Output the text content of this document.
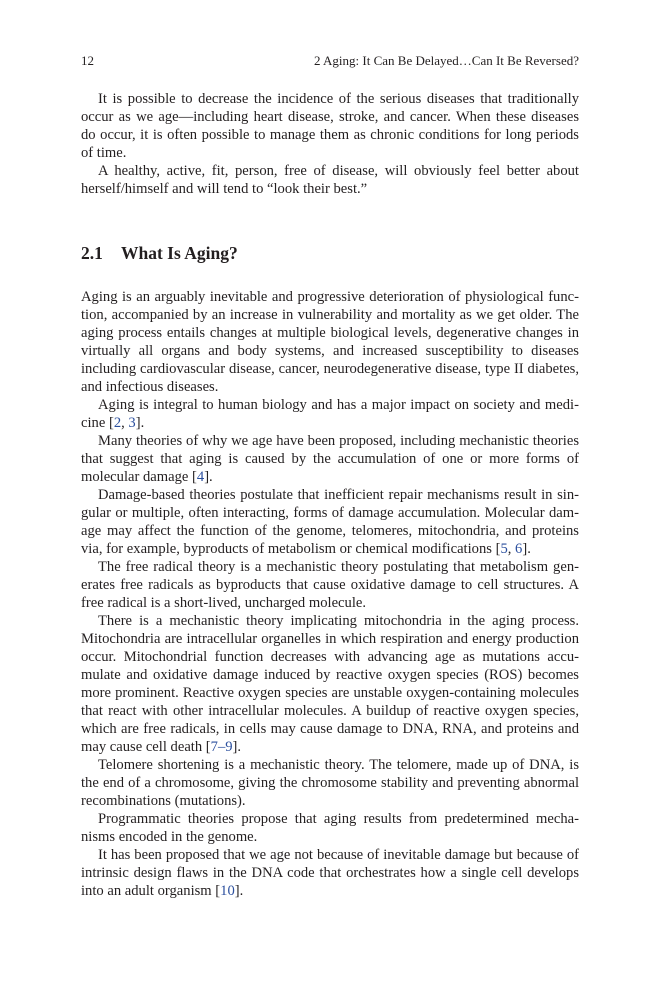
12	2 Aging: It Can Be Delayed…Can It Be Reversed?

It is possible to decrease the incidence of the serious diseases that traditionally occur as we age—including heart disease, stroke, and cancer. When these diseases do occur, it is often possible to manage them as chronic conditions for long periods of time.

A healthy, active, fit, person, free of disease, will obviously feel better about herself/himself and will tend to “look their best.”

2.1 What Is Aging?

Aging is an arguably inevitable and progressive deterioration of physiological function, accompanied by an increase in vulnerability and mortality as we get older. The aging process entails changes at multiple biological levels, degenerative changes in virtually all organs and body systems, and increased susceptibility to diseases including cardiovascular disease, cancer, neurodegenerative disease, type II diabetes, and infectious diseases.

Aging is integral to human biology and has a major impact on society and medicine [2, 3].

Many theories of why we age have been proposed, including mechanistic theories that suggest that aging is caused by the accumulation of one or more forms of molecular damage [4].

Damage-based theories postulate that inefficient repair mechanisms result in singular or multiple, often interacting, forms of damage accumulation. Molecular damage may affect the function of the genome, telomeres, mitochondria, and proteins via, for example, byproducts of metabolism or chemical modifications [5, 6].

The free radical theory is a mechanistic theory postulating that metabolism generates free radicals as byproducts that cause oxidative damage to cell structures. A free radical is a short-lived, uncharged molecule.

There is a mechanistic theory implicating mitochondria in the aging process. Mitochondria are intracellular organelles in which respiration and energy production occur. Mitochondrial function decreases with advancing age as mutations accumulate and oxidative damage induced by reactive oxygen species (ROS) becomes more prominent. Reactive oxygen species are unstable oxygen-containing molecules that react with other intracellular molecules. A buildup of reactive oxygen species, which are free radicals, in cells may cause damage to DNA, RNA, and proteins and may cause cell death [7–9].

Telomere shortening is a mechanistic theory. The telomere, made up of DNA, is the end of a chromosome, giving the chromosome stability and preventing abnormal recombinations (mutations).

Programmatic theories propose that aging results from predetermined mechanisms encoded in the genome.

It has been proposed that we age not because of inevitable damage but because of intrinsic design flaws in the DNA code that orchestrates how a single cell develops into an adult organism [10].
